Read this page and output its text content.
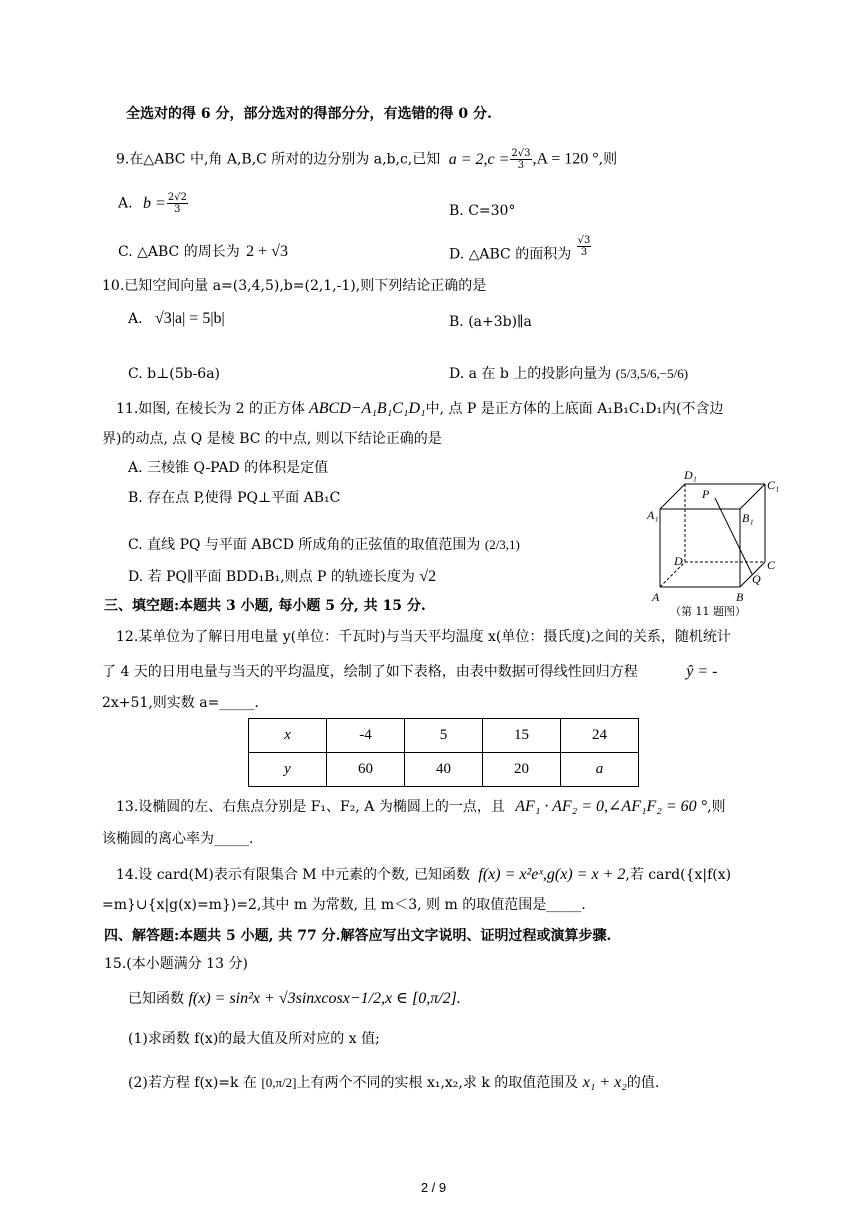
全选对的得 6 分，部分选对的得部分分，有选错的得 0 分.
9.在△ABC 中,角 A,B,C 所对的边分别为 a,b,c,已知 $a = 2,c = \frac{2√3}{3} ,A = 120$ °,则
A. $b = \frac{2√2}{3}$	B. C=30°
C. △ABC 的周长为 2 + √3	D. △ABC 的面积为 $\frac{√3}{3}$
10.已知空间向量 a=(3,4,5),b=(2,1,-1),则下列结论正确的是
A. √3|a| = 5|b|	B. (a+3b)∥a
C. b⊥(5b-6a)	D. a 在 b 上的投影向量为 (5/3,5/6,−5/6)
11.如图, 在棱长为 2 的正方体 ABCD−A₁B₁C₁D₁中, 点 P 是正方体的上底面 A₁B₁C₁D₁内(不含边
界)的动点, 点 Q 是棱 BC 的中点, 则以下结论正确的是
A. 三棱锥 Q-PAD 的体积是定值
B. 存在点 P,使得 PQ⊥平面 AB₁C
C. 直线 PQ 与平面 ABCD 所成角的正弦值的取值范围为 (2/3,1)
D. 若 PQ∥平面 BDD₁B₁,则点 P 的轨迹长度为 √2
D₁
C₁
P
A₁	B₁
D	C
Q
A	B
（第 11 题图）
三、填空题:本题共 3 小题, 每小题 5 分, 共 15 分.
12.某单位为了解日用电量 y(单位：千瓦时)与当天平均温度 x(单位：摄氏度)之间的关系，随机统计
了 4 天的日用电量与当天的平均温度，绘制了如下表格，由表中数据可得线性回归方程	ŷ = -
2x+51,则实数 a=_____.
x	-4	5	15	24
y	60	40	20	a
13.设椭圆的左、右焦点分别是 F₁、F₂, A 为椭圆上的一点，且 AF₁ · AF₂ = 0,∠AF₁F₂ = 60 °,则
该椭圆的离心率为_____.
14.设 card(M)表示有限集合 M 中元素的个数, 已知函数 f(x) = x²eˣ,g(x) = x + 2,若 card({x|f(x)
=m}∪{x|g(x)=m})=2,其中 m 为常数, 且 m＜3, 则 m 的取值范围是_____.
四、解答题:本题共 5 小题, 共 77 分.解答应写出文字说明、证明过程或演算步骤.
15.(本小题满分 13 分)
已知函数 f(x) = sin²x + √3sinxcosx−1/2,x ∈ [0,π/2].
(1)求函数 f(x)的最大值及所对应的 x 值;
(2)若方程 f(x)=k 在 [0,π/2]上有两个不同的实根 x₁,x₂,求 k 的取值范围及 x₁ + x₂的值.
2 / 9
